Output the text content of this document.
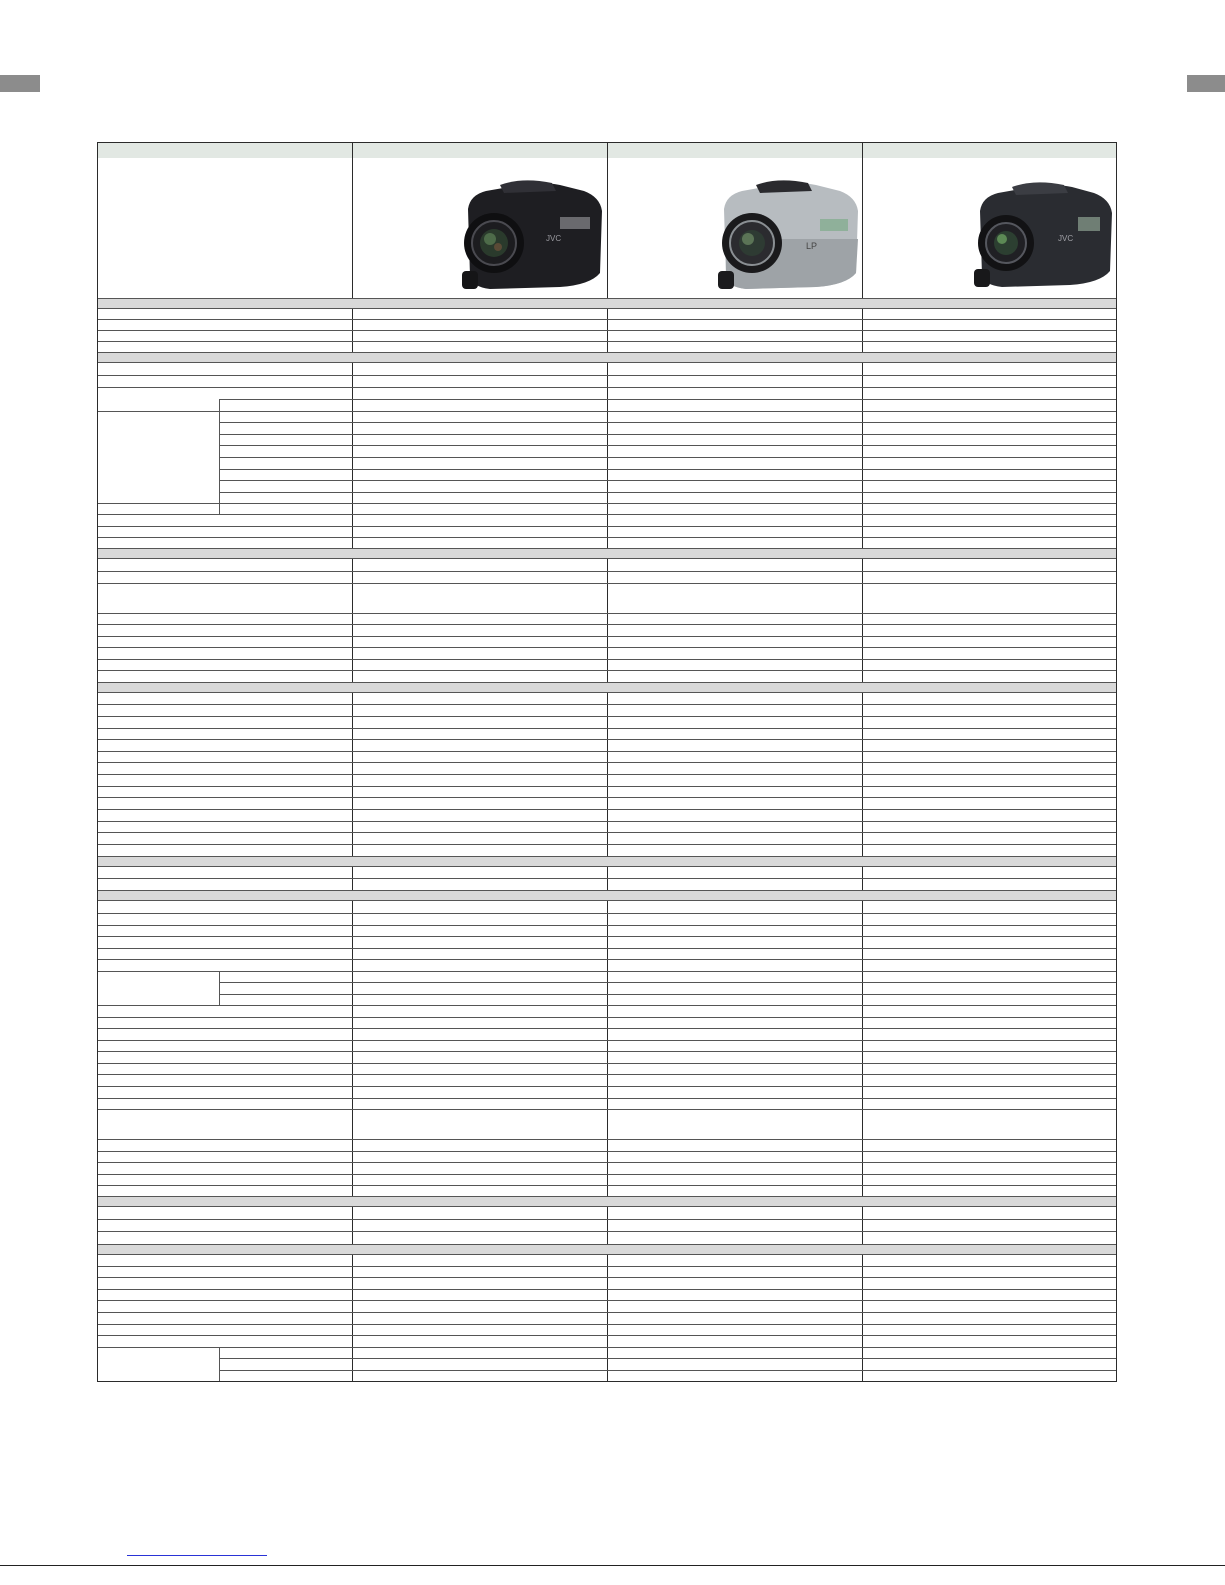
JVC
LP
JVC
